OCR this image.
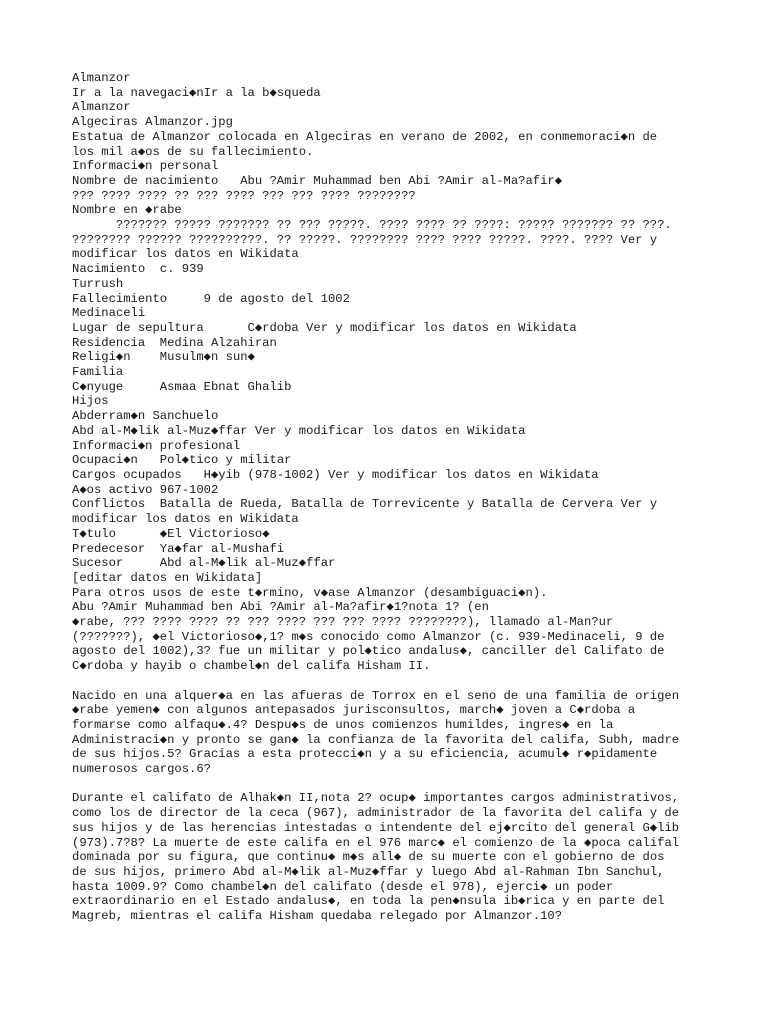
Almanzor
Ir a la navegaci◆nIr a la b◆squeda
Almanzor
Algeciras Almanzor.jpg
Estatua de Almanzor colocada en Algeciras en verano de 2002, en conmemoraci◆n de
los mil a◆os de su fallecimiento.
Informaci◆n personal
Nombre de nacimiento   Abu ?Amir Muhammad ben Abi ?Amir al-Ma?afir◆
??? ???? ???? ?? ??? ???? ??? ??? ???? ????????
Nombre en ◆rabe
??????? ????? ??????? ?? ??? ?????. ???? ???? ?? ????: ????? ??????? ?? ???.
???????? ?????? ??????????. ?? ?????. ???????? ???? ???? ?????. ????. ???? Ver y
modificar los datos en Wikidata
Nacimiento  c. 939
Turrush
Fallecimiento     9 de agosto del 1002
Medinaceli
Lugar de sepultura      C◆rdoba Ver y modificar los datos en Wikidata
Residencia  Medina Alzahiran
Religi◆n    Musulm◆n sun◆
Familia
C◆nyuge     Asmaa Ebnat Ghalib
Hijos
Abderram◆n Sanchuelo
Abd al-M◆lik al-Muz◆ffar Ver y modificar los datos en Wikidata
Informaci◆n profesional
Ocupaci◆n   Pol◆tico y militar
Cargos ocupados   H◆yib (978-1002) Ver y modificar los datos en Wikidata
A◆os activo 967-1002
Conflictos  Batalla de Rueda, Batalla de Torrevicente y Batalla de Cervera Ver y
modificar los datos en Wikidata
T◆tulo      ◆El Victorioso◆
Predecesor  Ya◆far al-Mushafi
Sucesor     Abd al-M◆lik al-Muz◆ffar
[editar datos en Wikidata]
Para otros usos de este t◆rmino, v◆ase Almanzor (desambiguaci◆n).
Abu ?Amir Muhammad ben Abi ?Amir al-Ma?afir◆1?nota 1? (en
◆rabe, ??? ???? ???? ?? ??? ???? ??? ??? ???? ????????), llamado al-Man?ur
(???????), ◆el Victorioso◆,1? m◆s conocido como Almanzor (c. 939-Medinaceli, 9 de
agosto del 1002),3? fue un militar y pol◆tico andalus◆, canciller del Califato de
C◆rdoba y hayib o chambel◆n del califa Hisham II.
Nacido en una alquer◆a en las afueras de Torrox en el seno de una familia de origen
◆rabe yemen◆ con algunos antepasados jurisconsultos, march◆ joven a C◆rdoba a
formarse como alfaqu◆.4? Despu◆s de unos comienzos humildes, ingres◆ en la
Administraci◆n y pronto se gan◆ la confianza de la favorita del califa, Subh, madre
de sus hijos.5? Gracias a esta protecci◆n y a su eficiencia, acumul◆ r◆pidamente
numerosos cargos.6?
Durante el califato de Alhak◆n II,nota 2? ocup◆ importantes cargos administrativos,
como los de director de la ceca (967), administrador de la favorita del califa y de
sus hijos y de las herencias intestadas o intendente del ej◆rcito del general G◆lib
(973).7?8? La muerte de este califa en el 976 marc◆ el comienzo de la ◆poca califal
dominada por su figura, que continu◆ m◆s all◆ de su muerte con el gobierno de dos
de sus hijos, primero Abd al-M◆lik al-Muz◆ffar y luego Abd al-Rahman Ibn Sanchul,
hasta 1009.9? Como chambel◆n del califato (desde el 978), ejerci◆ un poder
extraordinario en el Estado andalus◆, en toda la pen◆nsula ib◆rica y en parte del
Magreb, mientras el califa Hisham quedaba relegado por Almanzor.10?
